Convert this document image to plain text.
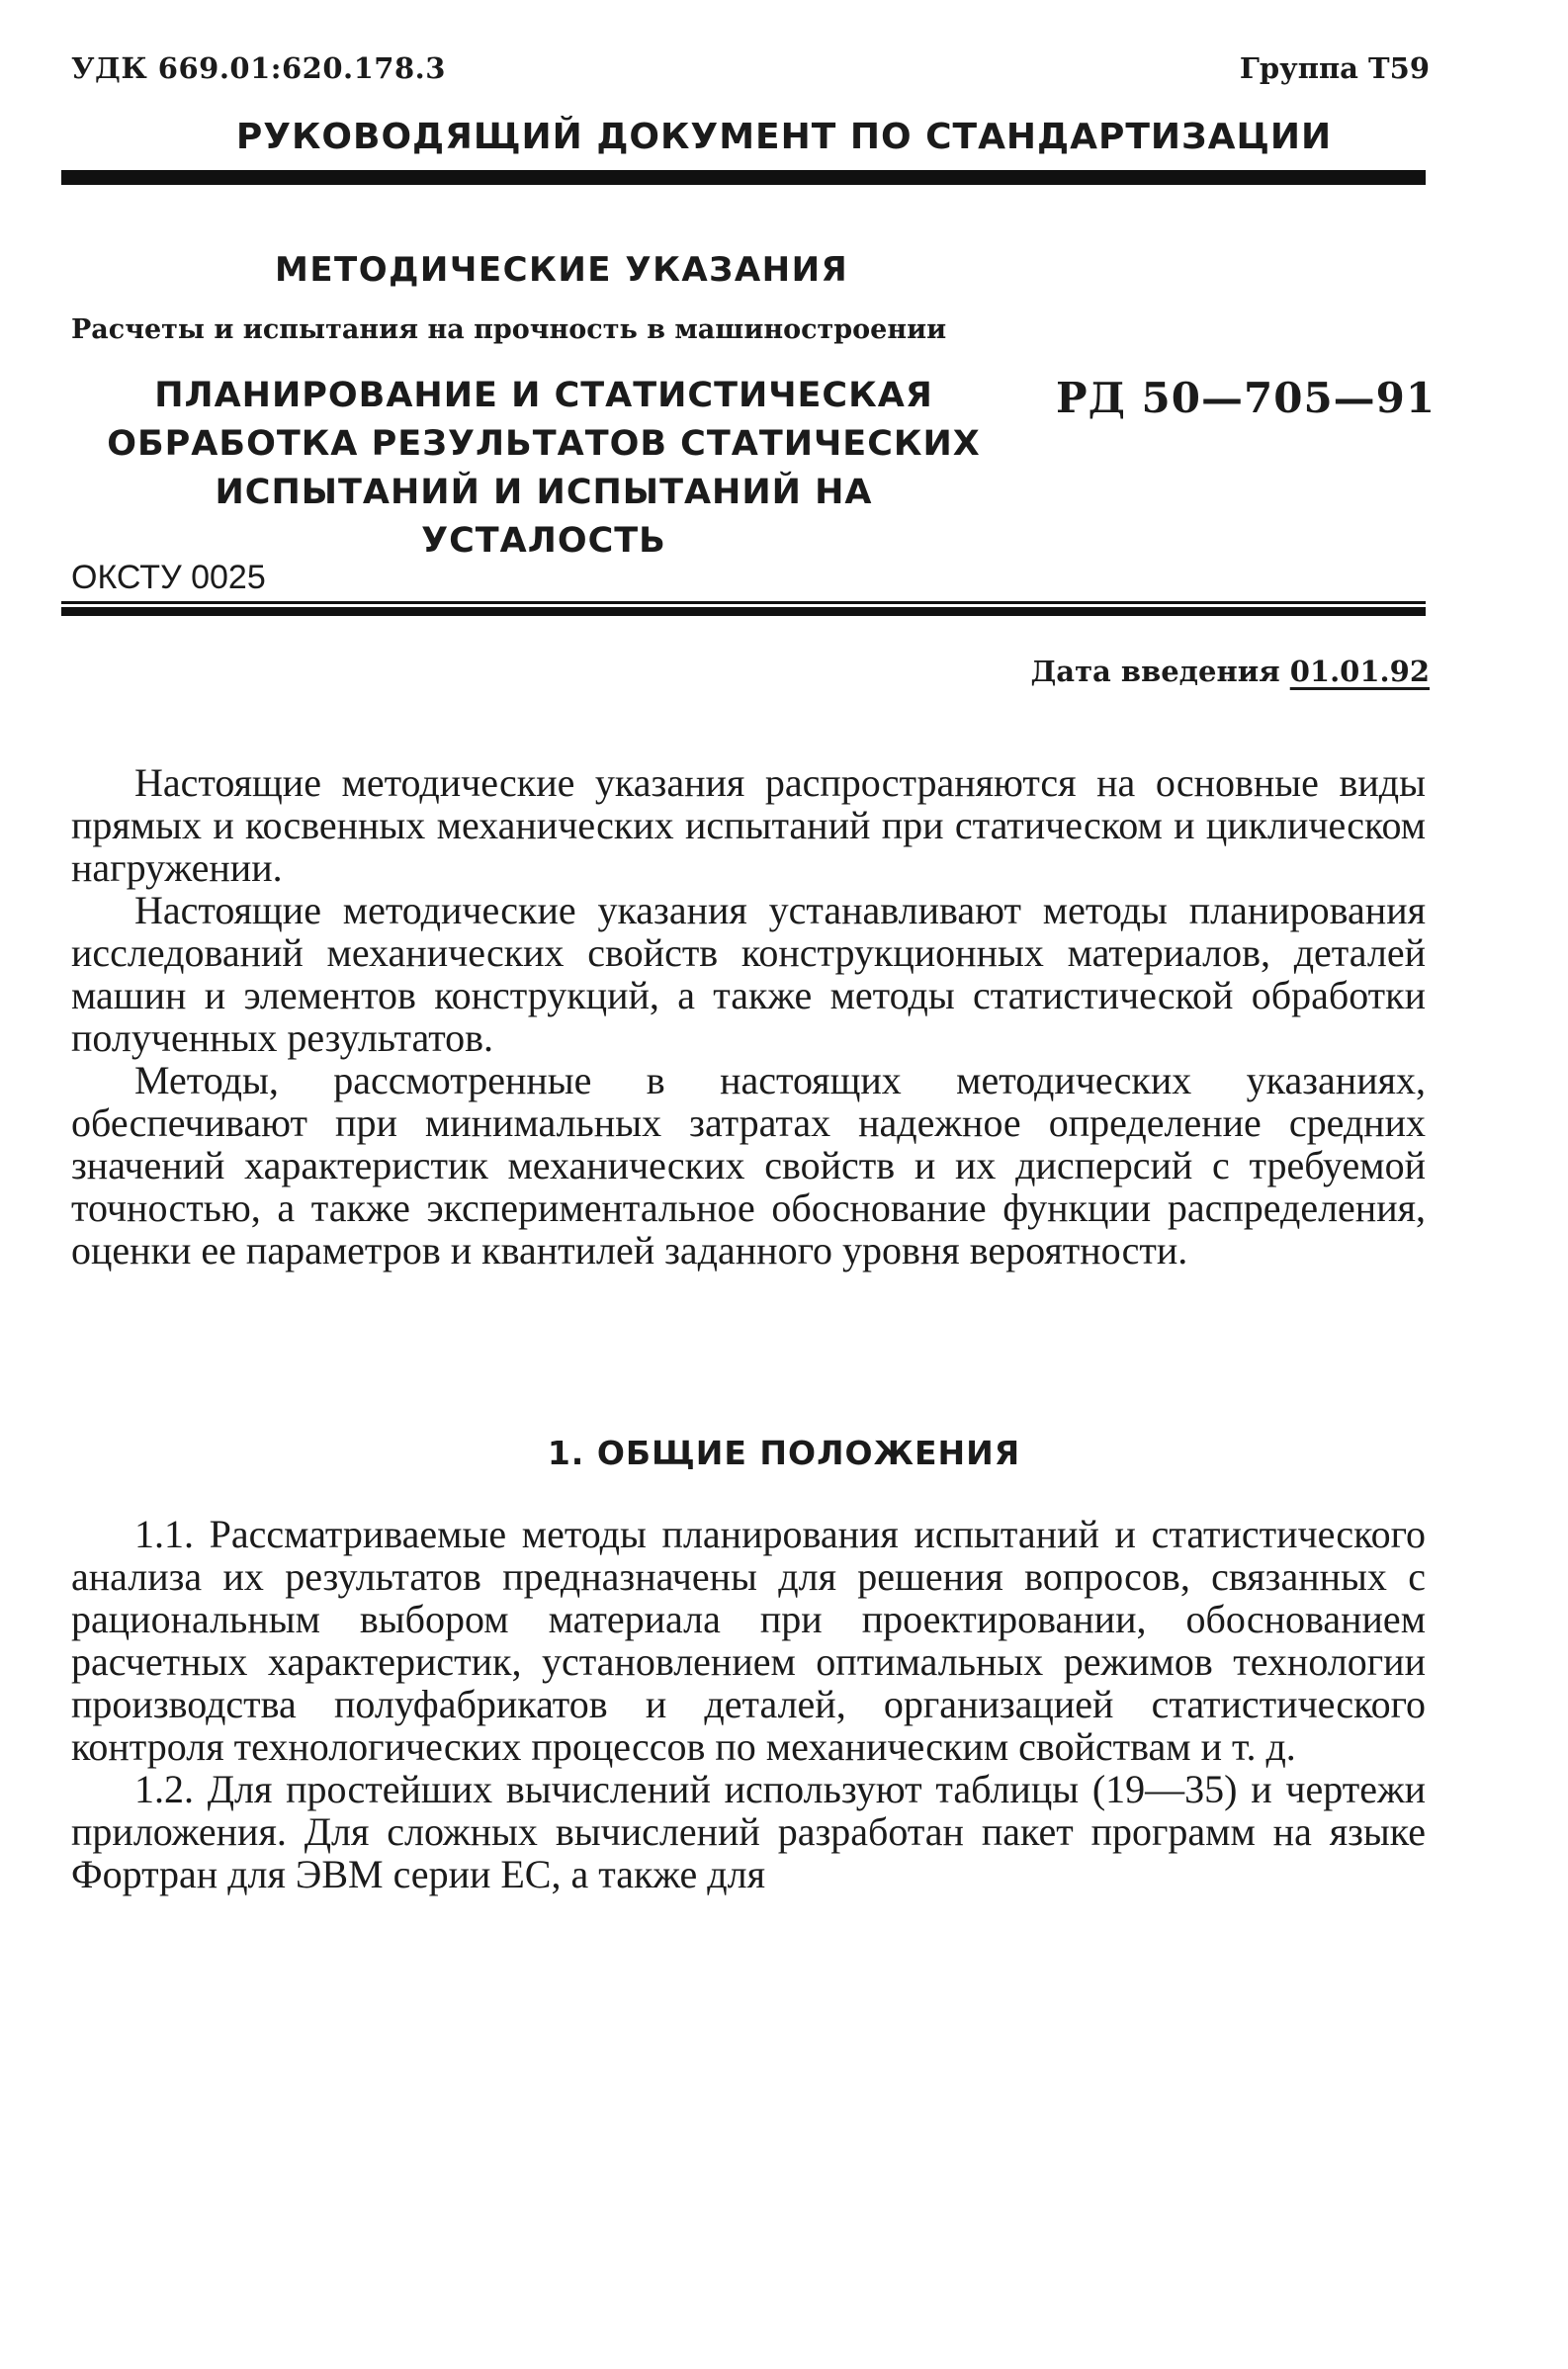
УДК 669.01:620.178.3	Группа Т59
РУКОВОДЯЩИЙ ДОКУМЕНТ ПО СТАНДАРТИЗАЦИИ
МЕТОДИЧЕСКИЕ УКАЗАНИЯ
Расчеты и испытания на прочность в машиностроении
ПЛАНИРОВАНИЕ И СТАТИСТИЧЕСКАЯ
ОБРАБОТКА РЕЗУЛЬТАТОВ СТАТИЧЕСКИХ
ИСПЫТАНИЙ И ИСПЫТАНИЙ НА УСТАЛОСТЬ
РД 50—705—91
ОКСТУ 0025
Дата введения 01.01.92

Настоящие методические указания распространяются на основные виды прямых и косвенных механических испытаний при статическом и циклическом нагружении.

Настоящие методические указания устанавливают методы планирования исследований механических свойств конструкционных материалов, деталей машин и элементов конструкций, а также методы статистической обработки полученных результатов.

Методы, рассмотренные в настоящих методических указаниях, обеспечивают при минимальных затратах надежное определение средних значений характеристик механических свойств и их дисперсий с требуемой точностью, а также экспериментальное обоснование функции распределения, оценки ее параметров и квантилей заданного уровня вероятности.

1. ОБЩИЕ ПОЛОЖЕНИЯ

1.1. Рассматриваемые методы планирования испытаний и статистического анализа их результатов предназначены для решения вопросов, связанных с рациональным выбором материала при проектировании, обоснованием расчетных характеристик, установлением оптимальных режимов технологии производства полуфабрикатов и деталей, организацией статистического контроля технологических процессов по механическим свойствам и т. д.

1.2. Для простейших вычислений используют таблицы (19—35) и чертежи приложения. Для сложных вычислений разработан пакет программ на языке Фортран для ЭВМ серии ЕС, а также для
